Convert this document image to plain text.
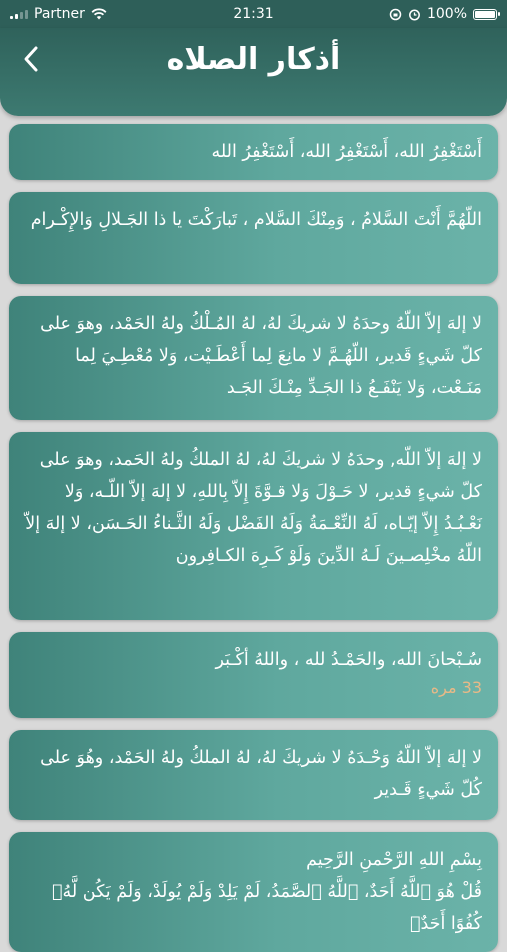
Partner	21:31	100%
أذكار الصلاه
أَسْتَغْفِرُ الله، أَسْتَغْفِرُ الله، أَسْتَغْفِرُ الله
اللّهُمَّ أَنْتَ السَّلامُ ، وَمِنْكَ السَّلام ، تَبارَكْتَ يا ذا الجَـلالِ وَالإِكْـرام
لا إلهَ إلاّ اللّهُ وحدَهُ لا شريكَ لهُ، لهُ المُـلْكُ ولهُ الحَمْد، وهوَ على كلّ شَيءٍ قَدير، اللّهُـمَّ لا مانِعَ لِما أَعْطَـيْت، وَلا مُعْطِـيَ لِما مَنَـعْت، وَلا يَنْفَـعُ ذا الجَـدِّ مِنْـكَ الجَـد
لا إلهَ إلاّ اللّه, وحدَهُ لا شريكَ لهُ، لهُ الملكُ ولهُ الحَمد، وهوَ على كلّ شيءٍ قدير، لا حَـوْلَ وَلا قـوَّةَ إِلاّ بِاللهِ، لا إلهَ إلاّ اللّـه، وَلا نَعْـبُـدُ إِلاّ إيّـاه، لَهُ النِّعْـمَةُ وَلَهُ الفَضْل وَلَهُ الثَّـناءُ الحَـسَن، لا إلهَ إلاّ اللّهُ مخْلِصـينَ لَـهُ الدِّينَ وَلَوْ كَـرِهَ الكـافِرون
سُـبْحانَ الله، والحَمْـدُ لله ، واللهُ أكْـبَر
33 مره
لا إلهَ إلاّ اللّهُ وَحْـدَهُ لا شريكَ لهُ، لهُ الملكُ ولهُ الحَمْد، وهُوَ على كُلّ شَيءٍ قَـدير
بِسْمِ اللهِ الرَّحْمنِ الرَّحِيم
قُلْ هُوَ ٱللَّهُ أَحَدٌ، ٱللَّهُ ٱلصَّمَدُ، لَمْ يَلِدْ وَلَمْ يُولَدْ، وَلَمْ يَكُن لَّهُۥ كُفُوًا أَحَدٌۢ
